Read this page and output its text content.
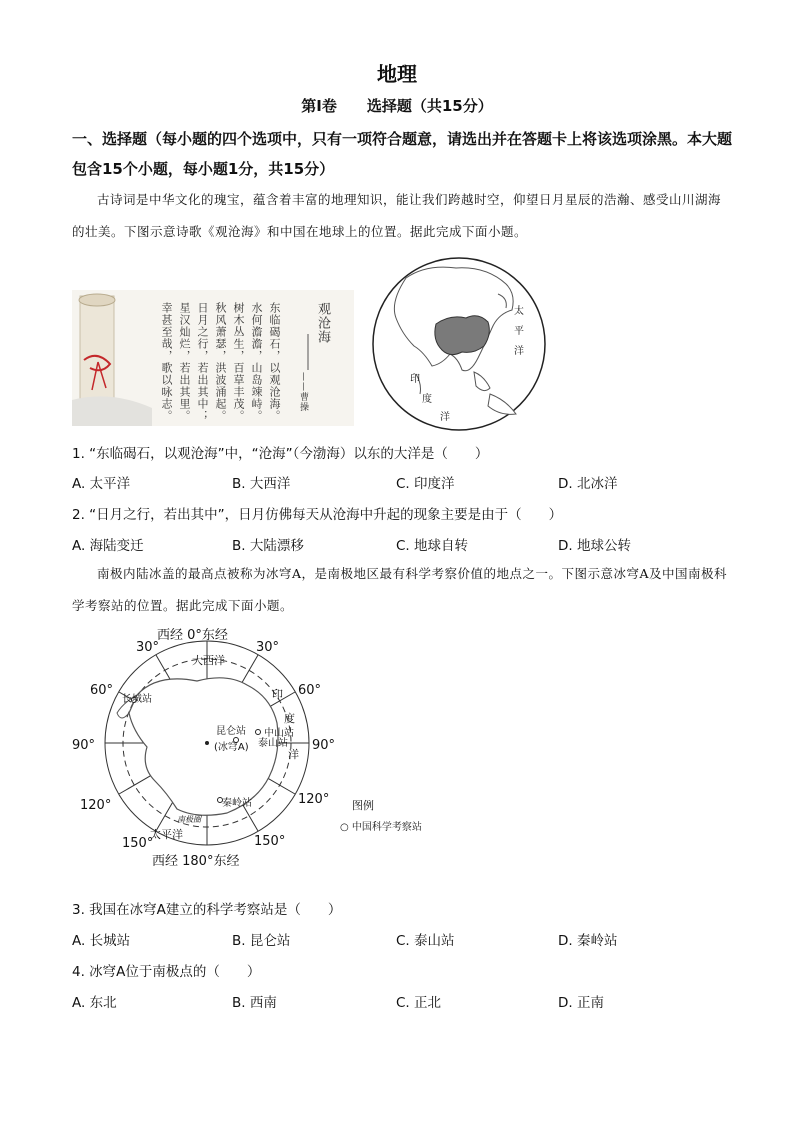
地理
第Ⅰ卷　　选择题（共15分）
一、选择题（每小题的四个选项中，只有一项符合题意，请选出并在答题卡上将该选项涂黑。本大题包含15个小题，每小题1分，共15分）
古诗词是中华文化的瑰宝，蕴含着丰富的地理知识，能让我们跨越时空，仰望日月星辰的浩瀚、感受山川湖海的壮美。下图示意诗歌《观沧海》和中国在地球上的位置。据此完成下面小题。
观沧海
——曹操
东临碣石，以观沧海。
水何澹澹，山岛竦峙。
树木丛生，百草丰茂。
秋风萧瑟，洪波涌起。
日月之行，若出其中；
星汉灿烂，若出其里。
幸甚至哉，歌以咏志。	太
平
洋
印
度
洋
1. “东临碣石，以观沧海”中，“沧海”（今渤海）以东的大洋是（　　）
A. 太平洋	B. 大西洋	C. 印度洋	D. 北冰洋
2. “日月之行，若出其中”，日月仿佛每天从沧海中升起的现象主要是由于（　　）
A. 海陆变迁	B. 大陆漂移	C. 地球自转	D. 地球公转
南极内陆冰盖的最高点被称为冰穹A，是南极地区最有科学考察价值的地点之一。下图示意冰穹A及中国南极科学考察站的位置。据此完成下面小题。
西经 0°东经
西经 180°东经
30°	30°
60°	60°
90°	90°
120°	120°
150°	150°
大西洋
太平洋
印
度
洋
南极圈
长城站
昆仑站
(冰穹A) 泰山站
中山站
秦岭站	图例
○ 中国科学考察站
3. 我国在冰穹A建立的科学考察站是（　　）
A. 长城站	B. 昆仑站	C. 泰山站	D. 秦岭站
4. 冰穹A位于南极点的（　　）
A. 东北	B. 西南	C. 正北	D. 正南
